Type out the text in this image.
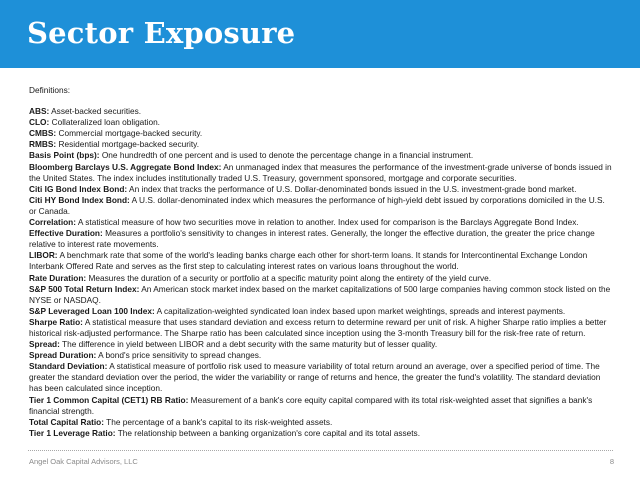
Sector Exposure
Definitions:

ABS: Asset-backed securities.

CLO: Collateralized loan obligation.

CMBS: Commercial mortgage-backed security.

RMBS: Residential mortgage-backed security.

Basis Point (bps): One hundredth of one percent and is used to denote the percentage change in a financial instrument.

Bloomberg Barclays U.S. Aggregate Bond Index: An unmanaged index that measures the performance of the investment-grade universe of bonds issued in the United States. The index includes institutionally traded U.S. Treasury, government sponsored, mortgage and corporate securities.

Citi IG Bond Index Bond: An index that tracks the performance of U.S. Dollar-denominated bonds issued in the U.S. investment-grade bond market.

Citi HY Bond Index Bond: A U.S. dollar-denominated index which measures the performance of high-yield debt issued by corporations domiciled in the U.S. or Canada.

Correlation: A statistical measure of how two securities move in relation to another. Index used for comparison is the Barclays Aggregate Bond Index.

Effective Duration: Measures a portfolio's sensitivity to changes in interest rates. Generally, the longer the effective duration, the greater the price change relative to interest rate movements.

LIBOR: A benchmark rate that some of the world's leading banks charge each other for short-term loans. It stands for Intercontinental Exchange London Interbank Offered Rate and serves as the first step to calculating interest rates on various loans throughout the world.

Rate Duration: Measures the duration of a security or portfolio at a specific maturity point along the entirety of the yield curve.

S&P 500 Total Return Index: An American stock market index based on the market capitalizations of 500 large companies having common stock listed on the NYSE or NASDAQ.

S&P Leveraged Loan 100 Index: A capitalization-weighted syndicated loan index based upon market weightings, spreads and interest payments.

Sharpe Ratio: A statistical measure that uses standard deviation and excess return to determine reward per unit of risk. A higher Sharpe ratio implies a better historical risk-adjusted performance. The Sharpe ratio has been calculated since inception using the 3-month Treasury bill for the risk-free rate of return.

Spread: The difference in yield between LIBOR and a debt security with the same maturity but of lesser quality.

Spread Duration: A bond's price sensitivity to spread changes.

Standard Deviation: A statistical measure of portfolio risk used to measure variability of total return around an average, over a specified period of time. The greater the standard deviation over the period, the wider the variability or range of returns and hence, the greater the fund's volatility. The standard deviation has been calculated since inception.

Tier 1 Common Capital (CET1) RB Ratio: Measurement of a bank's core equity capital compared with its total risk-weighted asset that signifies a bank's financial strength.

Total Capital Ratio: The percentage of a bank's capital to its risk-weighted assets.

Tier 1 Leverage Ratio: The relationship between a banking organization's core capital and its total assets.

Angel Oak Capital Advisors, LLC	8
